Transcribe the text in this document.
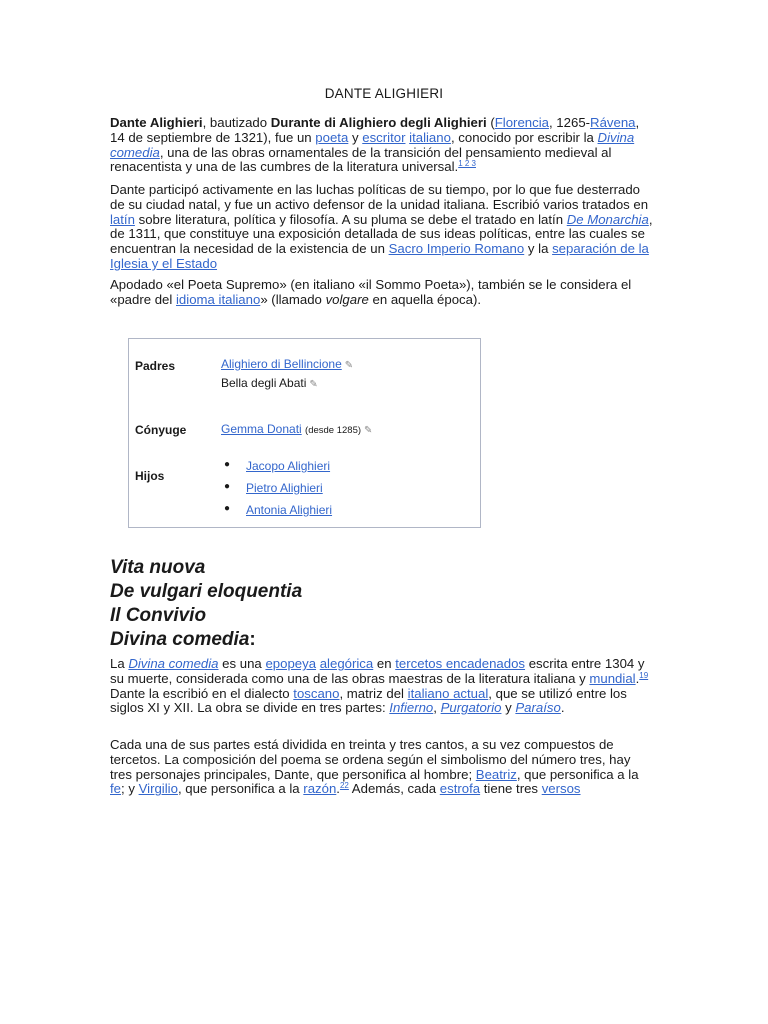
DANTE ALIGHIERI

Dante Alighieri, bautizado Durante di Alighiero degli Alighieri (Florencia, 1265-Rávena, 14 de septiembre de 1321), fue un poeta y escritor italiano, conocido por escribir la Divina comedia, una de las obras ornamentales de la transición del pensamiento medieval al renacentista y una de las cumbres de la literatura universal.$^{1 2 3}$

Dante participó activamente en las luchas políticas de su tiempo, por lo que fue desterrado de su ciudad natal, y fue un activo defensor de la unidad italiana. Escribió varios tratados en latín sobre literatura, política y filosofía. A su pluma se debe el tratado en latín De Monarchia, de 1311, que constituye una exposición detallada de sus ideas políticas, entre las cuales se encuentran la necesidad de la existencia de un Sacro Imperio Romano y la separación de la Iglesia y el Estado

Apodado «el Poeta Supremo» (en italiano «il Sommo Poeta»), también se le considera el «padre del idioma italiano» (llamado volgare en aquella época).

Padres	Alighiero di Bellincione ✎
Bella degli Abati ✎
Cónyuge	Gemma Donati (desde 1285) ✎
Hijos
● Jacopo Alighieri
● Pietro Alighieri
● Antonia Alighieri
Vita nuova
De vulgari eloquentia
Il Convivio
Divina comedia:

La Divina comedia es una epopeya alegórica en tercetos encadenados escrita entre 1304 y su muerte, considerada como una de las obras maestras de la literatura italiana y mundial.$^{19}$ Dante la escribió en el dialecto toscano, matriz del italiano actual, que se utilizó entre los siglos XI y XII. La obra se divide en tres partes: Infierno, Purgatorio y Paraíso.

Cada una de sus partes está dividida en treinta y tres cantos, a su vez compuestos de tercetos. La composición del poema se ordena según el simbolismo del número tres, hay tres personajes principales, Dante, que personifica al hombre; Beatriz, que personifica a la fe; y Virgilio, que personifica a la razón.$^{22}$ Además, cada estrofa tiene tres versos
